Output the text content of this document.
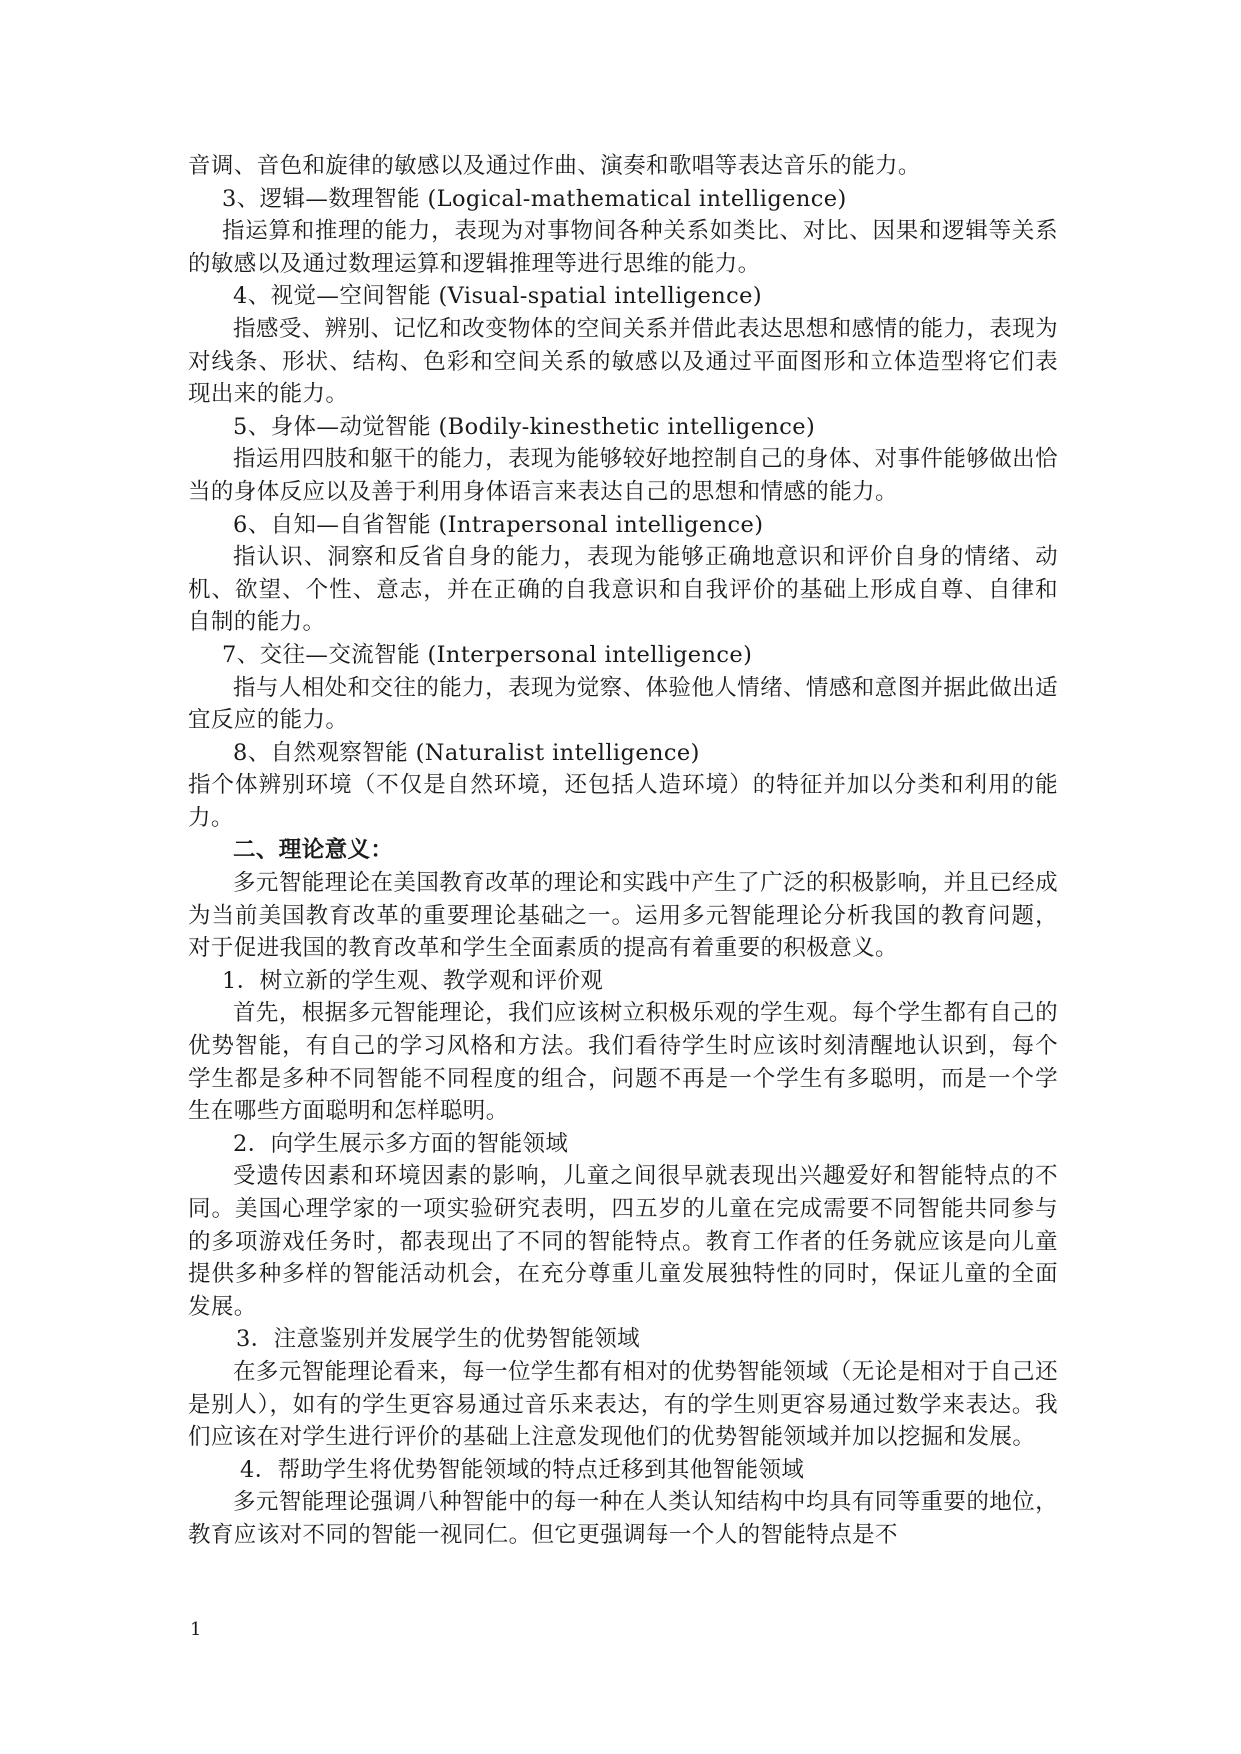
音调、音色和旋律的敏感以及通过作曲、演奏和歌唱等表达音乐的能力。

3、逻辑—数理智能 (Logical-mathematical intelligence)

指运算和推理的能力，表现为对事物间各种关系如类比、对比、因果和逻辑等关系的敏感以及通过数理运算和逻辑推理等进行思维的能力。

4、视觉—空间智能 (Visual-spatial intelligence)

指感受、辨别、记忆和改变物体的空间关系并借此表达思想和感情的能力，表现为对线条、形状、结构、色彩和空间关系的敏感以及通过平面图形和立体造型将它们表现出来的能力。

5、身体—动觉智能 (Bodily-kinesthetic intelligence)

指运用四肢和躯干的能力，表现为能够较好地控制自己的身体、对事件能够做出恰当的身体反应以及善于利用身体语言来表达自己的思想和情感的能力。

6、自知—自省智能 (Intrapersonal intelligence)

指认识、洞察和反省自身的能力，表现为能够正确地意识和评价自身的情绪、动机、欲望、个性、意志，并在正确的自我意识和自我评价的基础上形成自尊、自律和自制的能力。

7、交往—交流智能 (Interpersonal intelligence)

指与人相处和交往的能力，表现为觉察、体验他人情绪、情感和意图并据此做出适宜反应的能力。

8、自然观察智能 (Naturalist intelligence)

指个体辨别环境（不仅是自然环境，还包括人造环境）的特征并加以分类和利用的能力。

二、理论意义：

多元智能理论在美国教育改革的理论和实践中产生了广泛的积极影响，并且已经成为当前美国教育改革的重要理论基础之一。运用多元智能理论分析我国的教育问题，对于促进我国的教育改革和学生全面素质的提高有着重要的积极意义。

1．树立新的学生观、教学观和评价观

首先，根据多元智能理论，我们应该树立积极乐观的学生观。每个学生都有自己的优势智能，有自己的学习风格和方法。我们看待学生时应该时刻清醒地认识到，每个学生都是多种不同智能不同程度的组合，问题不再是一个学生有多聪明，而是一个学生在哪些方面聪明和怎样聪明。

2．向学生展示多方面的智能领域

受遗传因素和环境因素的影响，儿童之间很早就表现出兴趣爱好和智能特点的不同。美国心理学家的一项实验研究表明，四五岁的儿童在完成需要不同智能共同参与的多项游戏任务时，都表现出了不同的智能特点。教育工作者的任务就应该是向儿童提供多种多样的智能活动机会，在充分尊重儿童发展独特性的同时，保证儿童的全面发展。

3．注意鉴别并发展学生的优势智能领域

在多元智能理论看来，每一位学生都有相对的优势智能领域（无论是相对于自己还是别人），如有的学生更容易通过音乐来表达，有的学生则更容易通过数学来表达。我们应该在对学生进行评价的基础上注意发现他们的优势智能领域并加以挖掘和发展。

4．帮助学生将优势智能领域的特点迁移到其他智能领域

多元智能理论强调八种智能中的每一种在人类认知结构中均具有同等重要的地位，教育应该对不同的智能一视同仁。但它更强调每一个人的智能特点是不

1
